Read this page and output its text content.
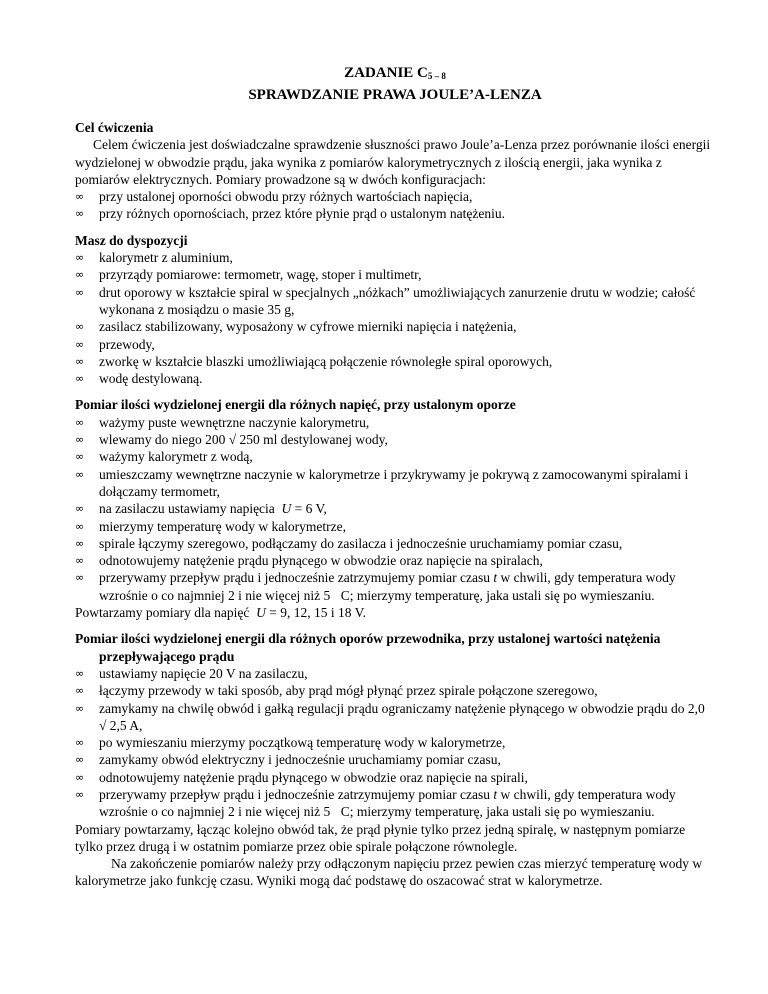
ZADANIE $C_{5 - 8}$

SPRAWDZANIE PRAWA JOULE’A-LENZA

Cel ćwiczenia

Celem ćwiczenia jest doświadczalne sprawdzenie słuszności prawo Joule’a-Lenza przez porównanie ilości energii wydzielonej w obwodzie prądu, jaka wynika z pomiarów kalorymetrycznych z ilością energii, jaka wynika z pomiarów elektrycznych. Pomiary prowadzone są w dwóch konfiguracjach:

∞ przy ustalonej oporności obwodu przy różnych wartościach napięcia,
∞ przy różnych opornościach, przez które płynie prąd o ustalonym natężeniu.
Masz do dyspozycji
∞ kalorymetr z aluminium,
∞ przyrządy pomiarowe: termometr, wagę, stoper i multimetr,
∞ drut oporowy w kształcie spiral w specjalnych „nóżkach” umożliwiających zanurzenie drutu w wodzie; całość wykonana z mosiądzu o masie 35 g,
∞ zasilacz stabilizowany, wyposażony w cyfrowe mierniki napięcia i natężenia,
∞ przewody,
∞ zworkę w kształcie blaszki umożliwiającą połączenie równoległe spiral oporowych,
∞ wodę destylowaną.
Pomiar ilości wydzielonej energii dla różnych napięć, przy ustalonym oporze
∞ ważymy puste wewnętrzne naczynie kalorymetru,
∞ wlewamy do niego 200 √ 250 ml destylowanej wody,
∞ ważymy kalorymetr z wodą,
∞ umieszczamy wewnętrzne naczynie w kalorymetrze i przykrywamy je pokrywą z zamocowanymi spiralami i dołączamy termometr,
∞ na zasilaczu ustawiamy napięcia U = 6 V,
∞ mierzymy temperaturę wody w kalorymetrze,
∞ spirale łączymy szeregowo, podłączamy do zasilacza i jednocześnie uruchamiamy pomiar czasu,
∞ odnotowujemy natężenie prądu płynącego w obwodzie oraz napięcie na spiralach,
∞ przerywamy przepływ prądu i jednocześnie zatrzymujemy pomiar czasu t w chwili, gdy temperatura wody wzrośnie o co najmniej 2 i nie więcej niż 5 C; mierzymy temperaturę, jaka ustali się po wymieszaniu.

Powtarzamy pomiary dla napięć U = 9, 12, 15 i 18 V.

Pomiar ilości wydzielonej energii dla różnych oporów przewodnika, przy ustalonej wartości natężenia przepływającego prądu
∞ ustawiamy napięcie 20 V na zasilaczu,
∞ łączymy przewody w taki sposób, aby prąd mógł płynąć przez spirale połączone szeregowo,
∞ zamykamy na chwilę obwód i gałką regulacji prądu ograniczamy natężenie płynącego w obwodzie prądu do 2,0 √ 2,5 A,
∞ po wymieszaniu mierzymy początkową temperaturę wody w kalorymetrze,
∞ zamykamy obwód elektryczny i jednocześnie uruchamiamy pomiar czasu,
∞ odnotowujemy natężenie prądu płynącego w obwodzie oraz napięcie na spirali,
∞ przerywamy przepływ prądu i jednocześnie zatrzymujemy pomiar czasu t w chwili, gdy temperatura wody wzrośnie o co najmniej 2 i nie więcej niż 5 C; mierzymy temperaturę, jaka ustali się po wymieszaniu.

Pomiary powtarzamy, łącząc kolejno obwód tak, że prąd płynie tylko przez jedną spiralę, w następnym pomiarze tylko przez drugą i w ostatnim pomiarze przez obie spirale połączone równolegle.

Na zakończenie pomiarów należy przy odłączonym napięciu przez pewien czas mierzyć temperaturę wody w kalorymetrze jako funkcję czasu. Wyniki mogą dać podstawę do oszacować strat w kalorymetrze.
